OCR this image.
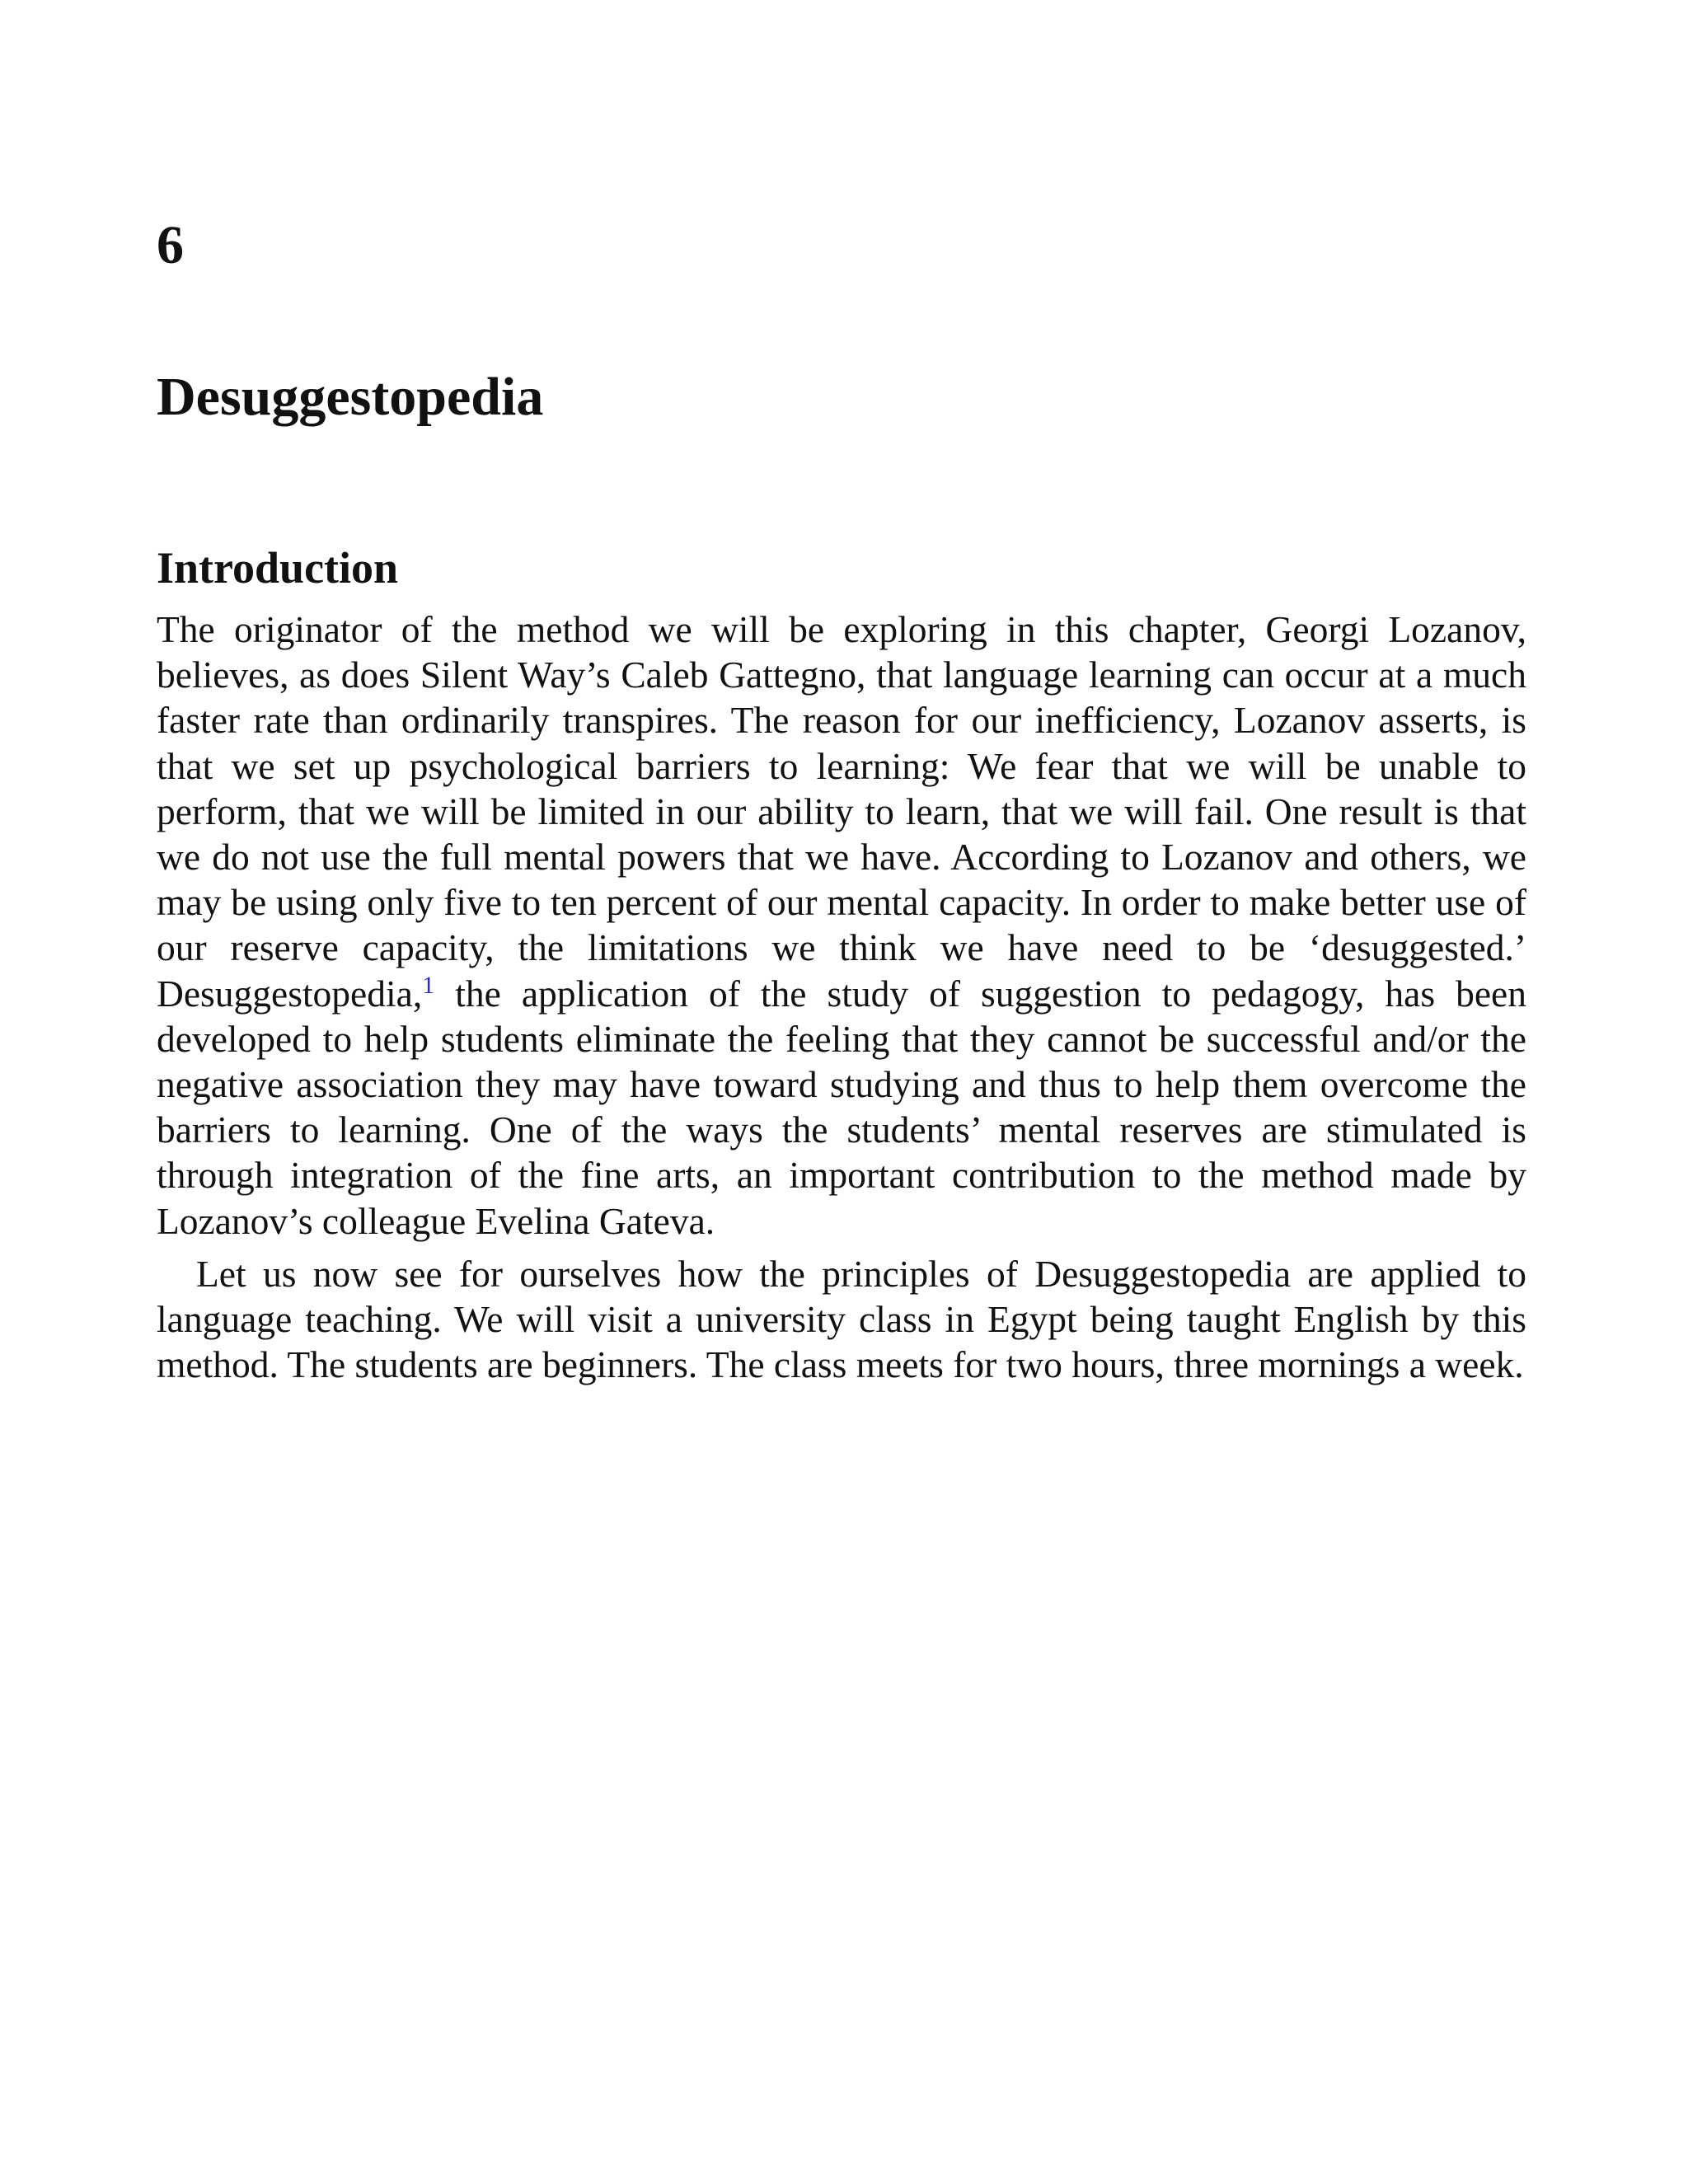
6
Desuggestopedia
Introduction

The originator of the method we will be exploring in this chapter, Georgi Lozanov, believes, as does Silent Way’s Caleb Gattegno, that language learning can occur at a much faster rate than ordinarily transpires. The reason for our inefficiency, Lozanov asserts, is that we set up psychological barriers to learning: We fear that we will be unable to perform, that we will be limited in our ability to learn, that we will fail. One result is that we do not use the full mental powers that we have. According to Lozanov and others, we may be using only five to ten percent of our mental capacity. In order to make better use of our reserve capacity, the limitations we think we have need to be ‘desuggested.’ Desuggestopedia,$^1$ the application of the study of suggestion to pedagogy, has been developed to help students eliminate the feeling that they cannot be successful and/or the negative association they may have toward studying and thus to help them overcome the barriers to learning. One of the ways the students’ mental reserves are stimulated is through integration of the fine arts, an important contribution to the method made by Lozanov’s colleague Evelina Gateva.

Let us now see for ourselves how the principles of Desuggestopedia are applied to language teaching. We will visit a university class in Egypt being taught English by this method. The students are beginners. The class meets for two hours, three mornings a week.
